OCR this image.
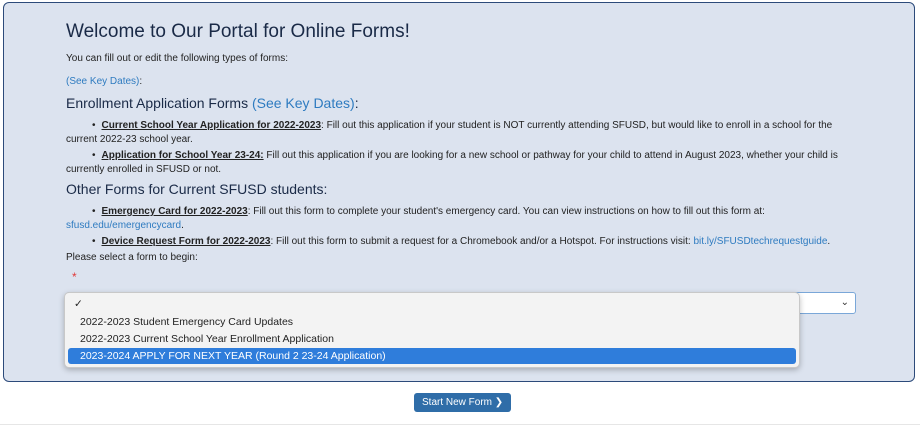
Welcome to Our Portal for Online Forms!
You can fill out or edit the following types of forms:
(See Key Dates):
Enrollment Application Forms (See Key Dates):
• Current School Year Application for 2022-2023: Fill out this application if your student is NOT currently attending SFUSD, but would like to enroll in a school for the current 2022-23 school year.
• Application for School Year 23-24: Fill out this application if you are looking for a new school or pathway for your child to attend in August 2023, whether your child is currently enrolled in SFUSD or not.
Other Forms for Current SFUSD students:
• Emergency Card for 2022-2023: Fill out this form to complete your student's emergency card. You can view instructions on how to fill out this form at: sfusd.edu/emergencycard.
• Device Request Form for 2022-2023: Fill out this form to submit a request for a Chromebook and/or a Hotspot. For instructions visit: bit.ly/SFUSDtechrequestguide.
Please select a form to begin:
*
⌄
✓
2022-2023 Student Emergency Card Updates
2022-2023 Current School Year Enrollment Application
2023-2024 APPLY FOR NEXT YEAR (Round 2 23-24 Application)
Start New Form ❯
